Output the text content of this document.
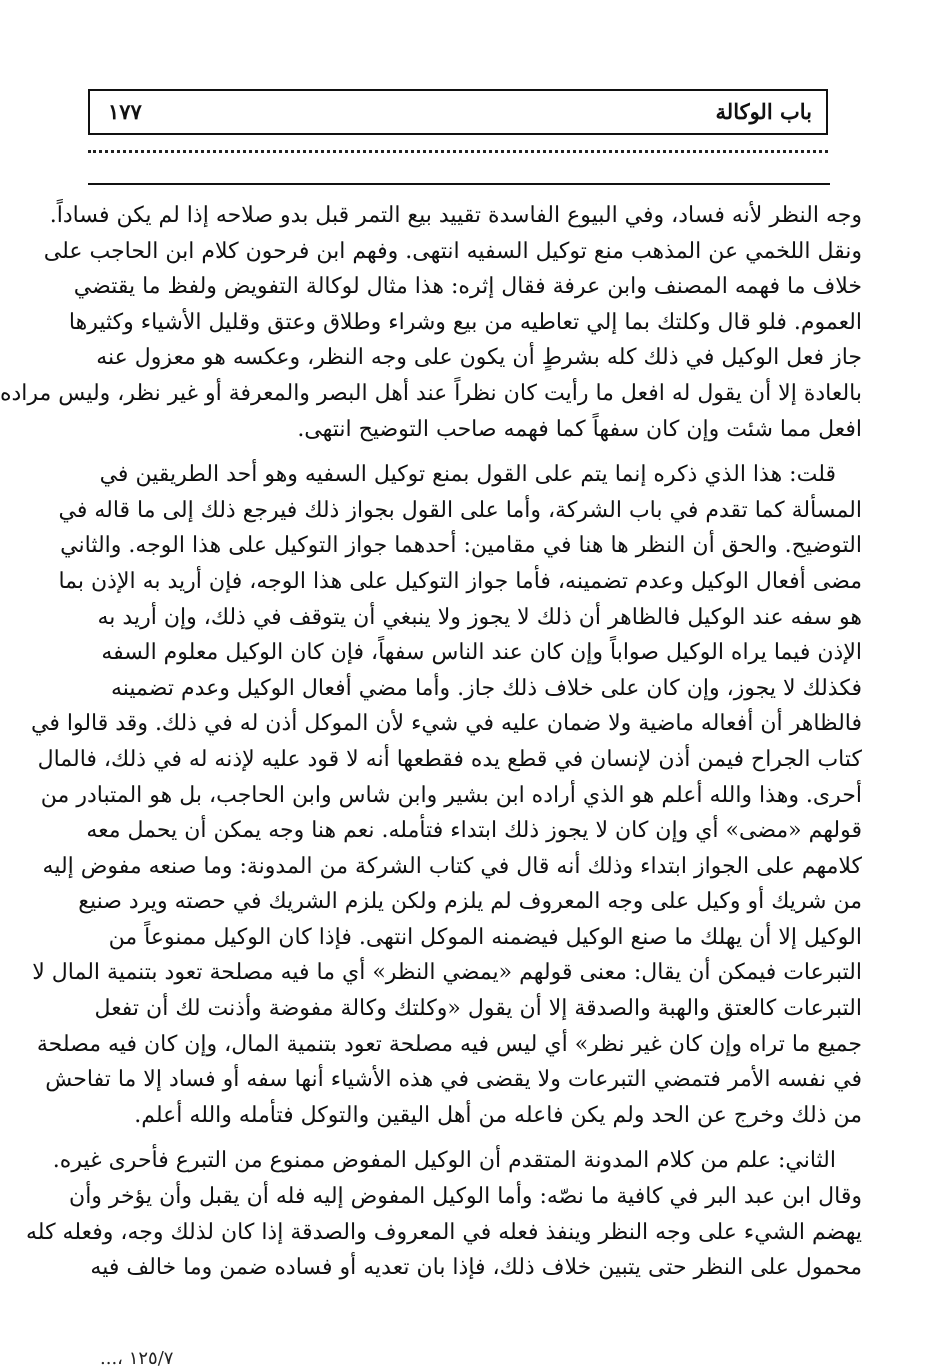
باب الوكالة
١٧٧
وجه النظر لأنه فساد، وفي البيوع الفاسدة تقييد بيع التمر قبل بدو صلاحه إذا لم يكن فساداً.
ونقل اللخمي عن المذهب منع توكيل السفيه انتهى. وفهم ابن فرحون كلام ابن الحاجب على
خلاف ما فهمه المصنف وابن عرفة فقال إثره: هذا مثال لوكالة التفويض ولفظ ما يقتضي
العموم. فلو قال وكلتك بما إلي تعاطيه من بيع وشراء وطلاق وعتق وقليل الأشياء وكثيرها
جاز فعل الوكيل في ذلك كله بشرطٍ أن يكون على وجه النظر، وعكسه هو معزول عنه
بالعادة إلا أن يقول له افعل ما رأيت كان نظراً عند أهل البصر والمعرفة أو غير نظر، وليس مراده
افعل مما شئت وإن كان سفهاً كما فهمه صاحب التوضيح انتهى.
قلت: هذا الذي ذكره إنما يتم على القول بمنع توكيل السفيه وهو أحد الطريقين في
المسألة كما تقدم في باب الشركة، وأما على القول بجواز ذلك فيرجع ذلك إلى ما قاله في
التوضيح. والحق أن النظر ها هنا في مقامين: أحدهما جواز التوكيل على هذا الوجه. والثاني
مضى أفعال الوكيل وعدم تضمينه، فأما جواز التوكيل على هذا الوجه، فإن أريد به الإذن بما
هو سفه عند الوكيل فالظاهر أن ذلك لا يجوز ولا ينبغي أن يتوقف في ذلك، وإن أريد به
الإذن فيما يراه الوكيل صواباً وإن كان عند الناس سفهاً، فإن كان الوكيل معلوم السفه
فكذلك لا يجوز، وإن كان على خلاف ذلك جاز. وأما مضي أفعال الوكيل وعدم تضمينه
فالظاهر أن أفعاله ماضية ولا ضمان عليه في شيء لأن الموكل أذن له في ذلك. وقد قالوا في
كتاب الجراح فيمن أذن لإنسان في قطع يده فقطعها أنه لا قود عليه لإذنه له في ذلك، فالمال
أحرى. وهذا والله أعلم هو الذي أراده ابن بشير وابن شاس وابن الحاجب، بل هو المتبادر من
قولهم «مضى» أي وإن كان لا يجوز ذلك ابتداء فتأمله. نعم هنا وجه يمكن أن يحمل معه
كلامهم على الجواز ابتداء وذلك أنه قال في كتاب الشركة من المدونة: وما صنعه مفوض إليه
من شريك أو وكيل على وجه المعروف لم يلزم ولكن يلزم الشريك في حصته ويرد صنيع
الوكيل إلا أن يهلك ما صنع الوكيل فيضمنه الموكل انتهى. فإذا كان الوكيل ممنوعاً من
التبرعات فيمكن أن يقال: معنى قولهم «يمضي النظر» أي ما فيه مصلحة تعود بتنمية المال لا
التبرعات كالعتق والهبة والصدقة إلا أن يقول «وكلتك وكالة مفوضة وأذنت لك أن تفعل
جميع ما تراه وإن كان غير نظر» أي ليس فيه مصلحة تعود بتنمية المال، وإن كان فيه مصلحة
في نفسه الأمر فتمضي التبرعات ولا يقضى في هذه الأشياء أنها سفه أو فساد إلا ما تفاحش
من ذلك وخرج عن الحد ولم يكن فاعله من أهل اليقين والتوكل فتأمله والله أعلم.
الثاني: علم من كلام المدونة المتقدم أن الوكيل المفوض ممنوع من التبرع فأحرى غيره.
وقال ابن عبد البر في كافية ما نصّه: وأما الوكيل المفوض إليه فله أن يقبل وأن يؤخر وأن
يهضم الشيء على وجه النظر وينفذ فعله في المعروف والصدقة إذا كان لذلك وجه، وفعله كله
محمول على النظر حتى يتبين خلاف ذلك، فإذا بان تعديه أو فساده ضمن وما خالف فيه
١٢٥/٧ ،...
